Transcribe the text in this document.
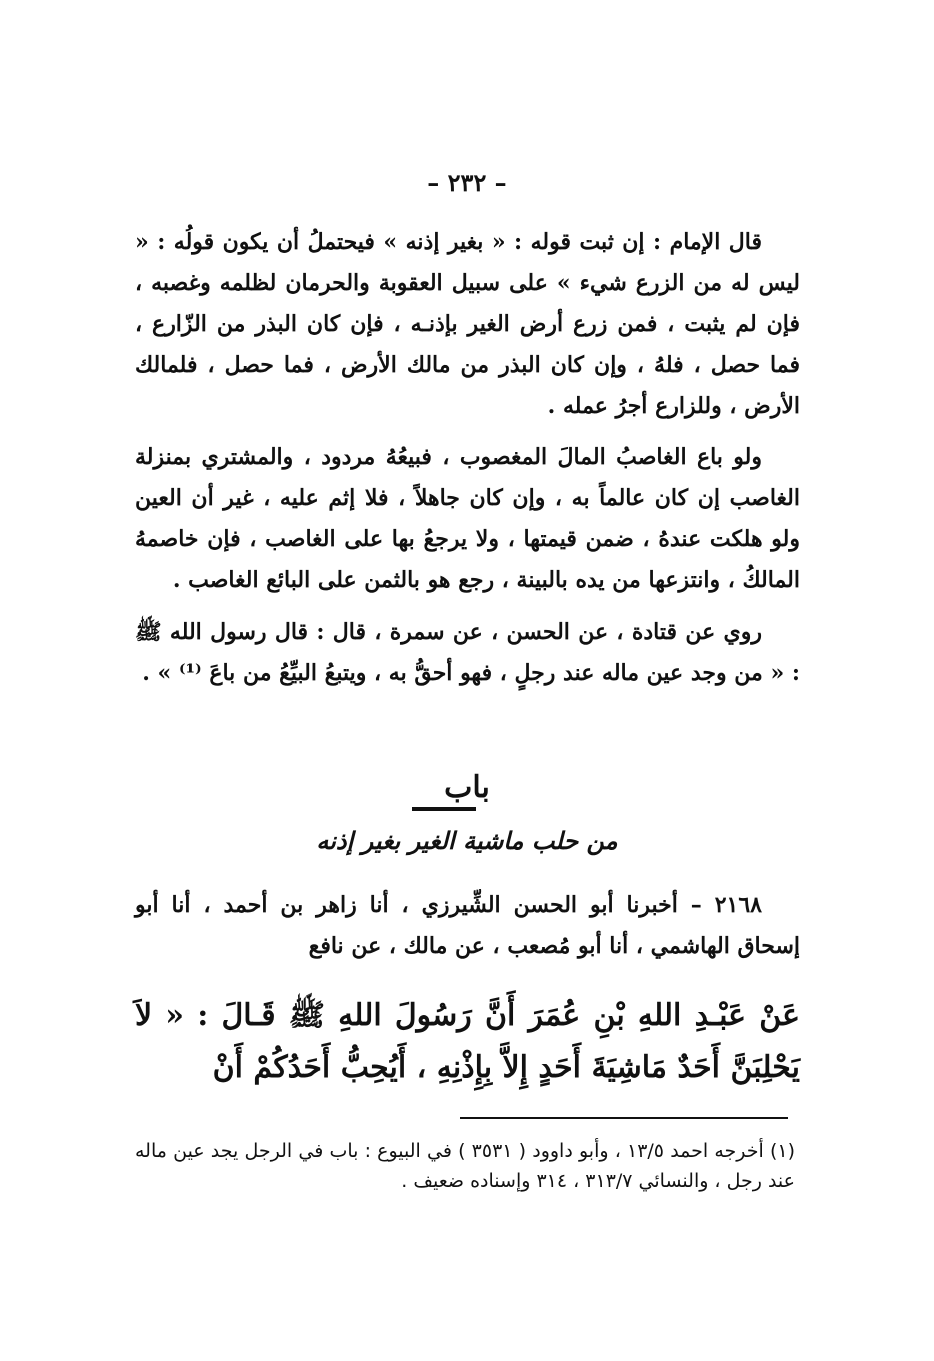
– ٢٣٢ –

قال الإمام : إن ثبت قوله : « بغير إذنه » فيحتملُ أن يكون قولُه : « ليس له من الزرع شيء » على سبيل العقوبة والحرمان لظلمه وغصبه ، فإن لم يثبت ، فمن زرع أرض الغير بإذنـه ، فإن كان البذر من الزّارع ، فما حصل ، فلهُ ، وإن كان البذر من مالك الأرض ، فما حصل ، فلمالك الأرض ، وللزارع أجرُ عمله .

ولو باع الغاصبُ المالَ المغصوب ، فبيعُهُ مردود ، والمشتري بمنزلة الغاصب إن كان عالماً به ، وإن كان جاهلاً ، فلا إثم عليه ، غير أن العين ولو هلكت عندهُ ، ضمن قيمتها ، ولا يرجعُ بها على الغاصب ، فإن خاصمهُ المالكُ ، وانتزعها من يده بالبينة ، رجع هو بالثمن على البائع الغاصب .

روي عن قتادة ، عن الحسن ، عن سمرة ، قال : قال رسول الله ﷺ : « من وجد عين ماله عند رجلٍ ، فهو أحقُّ به ، ويتبعُ البيِّعُ من باعَ ⁽¹⁾ » .

باب
من حلب ماشية الغير بغير إذنه

٢١٦٨ – أخبرنا أبو الحسن الشِّيرزي ، أنا زاهر بن أحمد ، أنا أبو إسحاق الهاشمي ، أنا أبو مُصعب ، عن مالك ، عن نافع

عَنْ عَبْـدِ اللهِ بْنِ عُمَرَ أَنَّ رَسُولَ اللهِ ﷺ قَـالَ : « لاَ يَحْلِبَنَّ أَحَدٌ مَاشِيَةَ أَحَدٍ إِلاَّ بِإِذْنِهِ ، أَيُحِبُّ أَحَدُكُمْ أَنْ

(١) أخرجه احمد ١٣/٥ ، وأبو داوود ( ٣٥٣١ ) في البيوع : باب في الرجل يجد عين ماله عند رجل ، والنسائي ٣١٣/٧ ، ٣١٤ وإسناده ضعيف .
